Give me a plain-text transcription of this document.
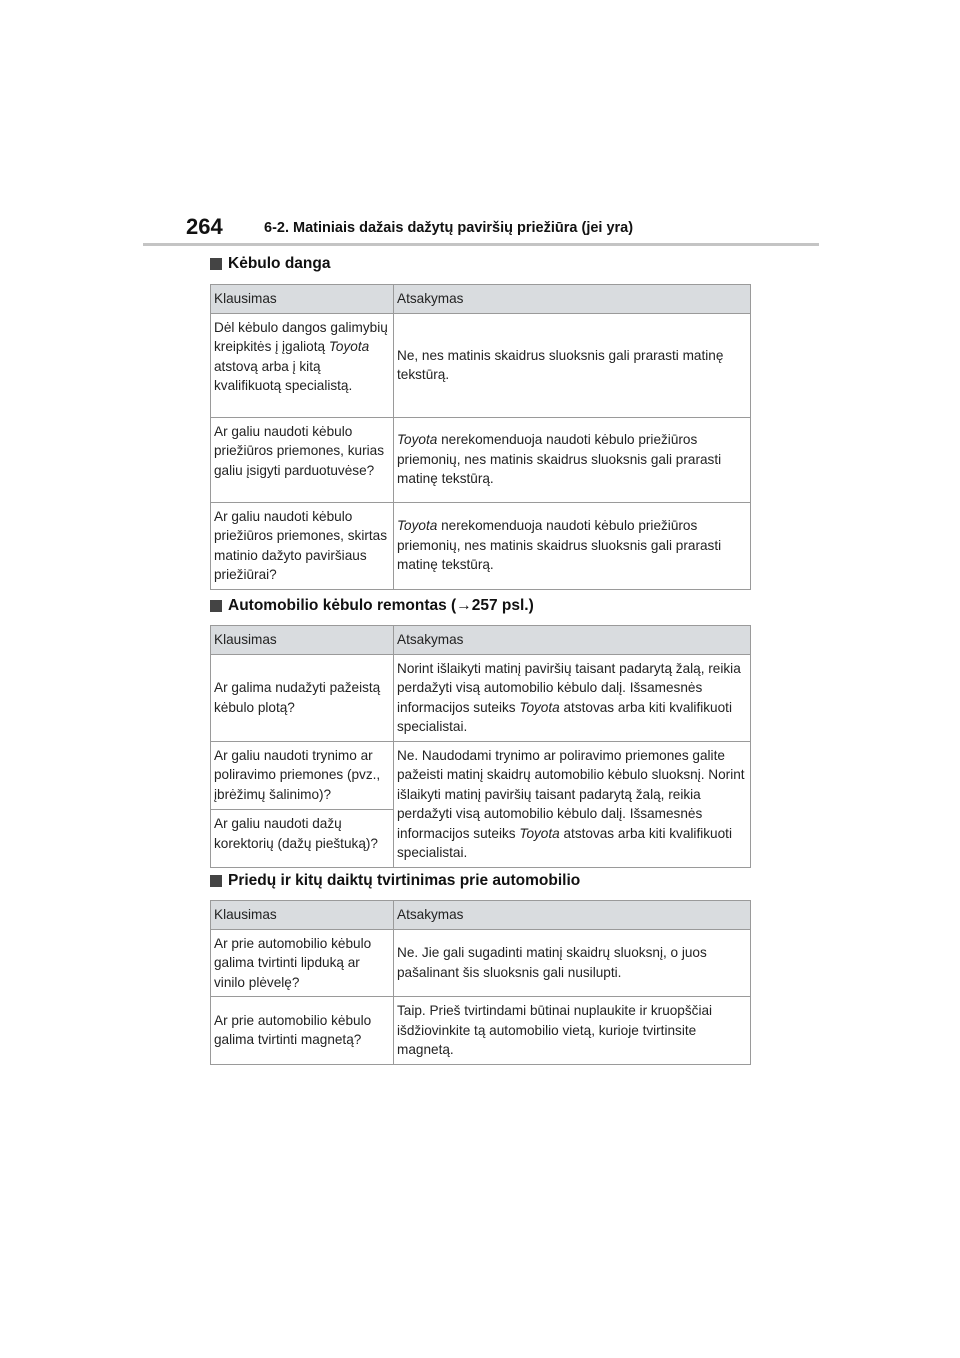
264	6-2. Matiniais dažais dažytų paviršių priežiūra (jei yra)
Kėbulo danga
Klausimas	Atsakymas
Dėl kėbulo dangos galimybių kreipkitės į įgaliotą Toyota atstovą arba į kitą kvalifikuotą specialistą.	Ne, nes matinis skaidrus sluoksnis gali prarasti matinę tekstūrą.
Ar galiu naudoti kėbulo priežiūros priemones, kurias galiu įsigyti parduotuvėse?	Toyota nerekomenduoja naudoti kėbulo priežiūros priemonių, nes matinis skaidrus sluoksnis gali prarasti matinę tekstūrą.
Ar galiu naudoti kėbulo priežiūros priemones, skirtas matinio dažyto paviršiaus priežiūrai?	Toyota nerekomenduoja naudoti kėbulo priežiūros priemonių, nes matinis skaidrus sluoksnis gali prarasti matinę tekstūrą.
Automobilio kėbulo remontas ( → 257 psl.)
Klausimas	Atsakymas
Ar galima nudažyti pažeistą kėbulo plotą?	Norint išlaikyti matinį paviršių taisant padarytą žalą, reikia perdažyti visą automobilio kėbulo dalį. Išsamesnės informacijos suteiks Toyota atstovas arba kiti kvalifikuoti specialistai.
Ar galiu naudoti trynimo ar poliravimo priemones (pvz., įbrėžimų šalinimo)?	Ne. Naudodami trynimo ar poliravimo priemones galite pažeisti matinį skaidrų automobilio kėbulo sluoksnį. Norint išlaikyti matinį paviršių taisant padarytą žalą, reikia perdažyti visą automobilio kėbulo dalį. Išsamesnės informacijos suteiks Toyota atstovas arba kiti kvalifikuoti specialistai.
Ar galiu naudoti dažų korektorių (dažų pieštuką)?	
Priedų ir kitų daiktų tvirtinimas prie automobilio
Klausimas	Atsakymas
Ar prie automobilio kėbulo galima tvirtinti lipduką ar vinilo plėvelę?	Ne. Jie gali sugadinti matinį skaidrų sluoksnį, o juos pašalinant šis sluoksnis gali nusilupti.
Ar prie automobilio kėbulo galima tvirtinti magnetą?	Taip. Prieš tvirtindami būtinai nuplaukite ir kruopščiai išdžiovinkite tą automobilio vietą, kurioje tvirtinsite magnetą.
